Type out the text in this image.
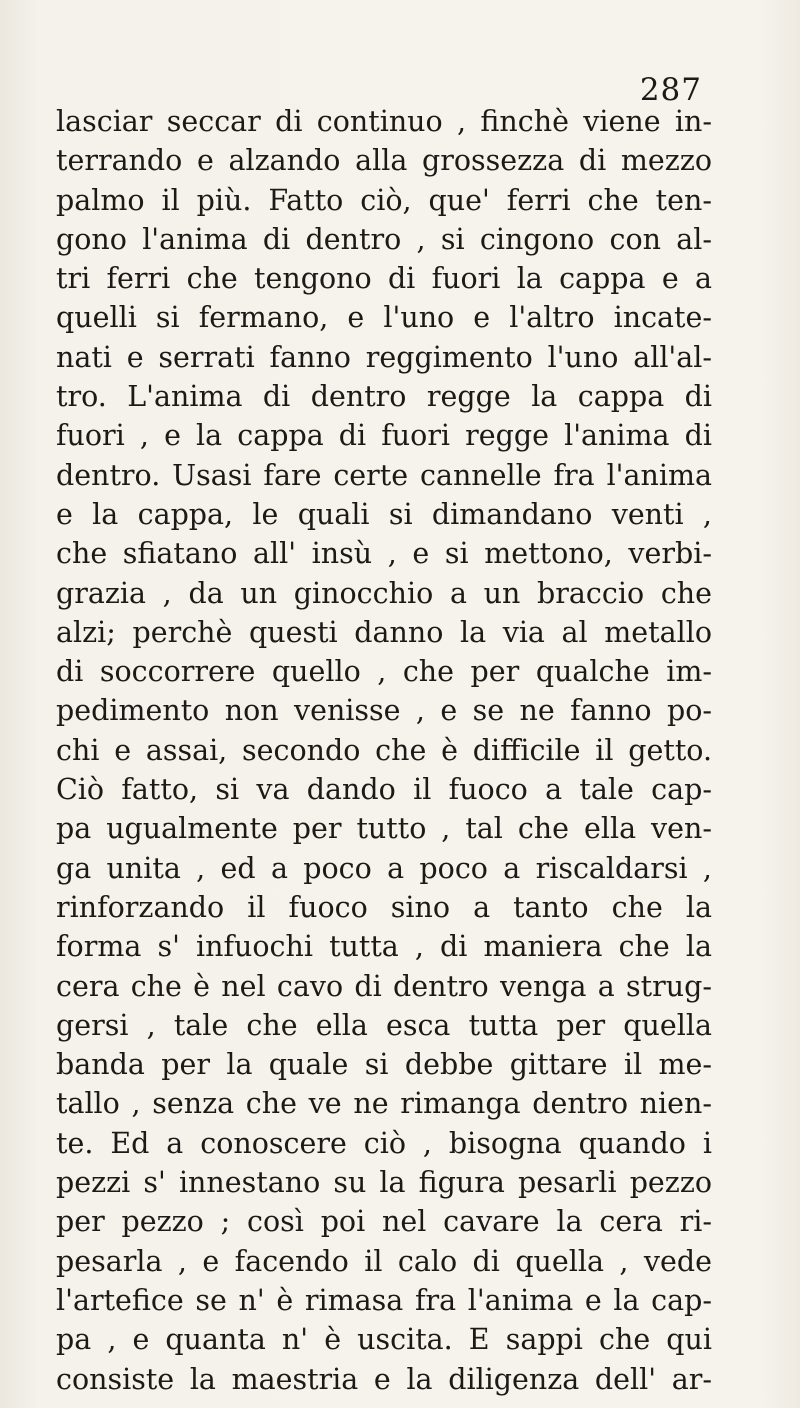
287
lasciar seccar di continuo , finchè viene in-
terrando e alzando alla grossezza di mezzo
palmo il più. Fatto ciò, que' ferri che ten-
gono l'anima di dentro , si cingono con al-
tri ferri che tengono di fuori la cappa e a
quelli si fermano, e l'uno e l'altro incate-
nati e serrati fanno reggimento l'uno all'al-
tro. L'anima di dentro regge la cappa di
fuori , e la cappa di fuori regge l'anima di
dentro. Usasi fare certe cannelle fra l'anima
e la cappa, le quali si dimandano venti ,
che sfiatano all' insù , e si mettono, verbi-
grazia , da un ginocchio a un braccio che
alzi; perchè questi danno la via al metallo
di soccorrere quello , che per qualche im-
pedimento non venisse , e se ne fanno po-
chi e assai, secondo che è difficile il getto.
Ciò fatto, si va dando il fuoco a tale cap-
pa ugualmente per tutto , tal che ella ven-
ga unita , ed a poco a poco a riscaldarsi ,
rinforzando il fuoco sino a tanto che la
forma s' infuochi tutta , di maniera che la
cera che è nel cavo di dentro venga a strug-
gersi , tale che ella esca tutta per quella
banda per la quale si debbe gittare il me-
tallo , senza che ve ne rimanga dentro nien-
te. Ed a conoscere ciò , bisogna quando i
pezzi s' innestano su la figura pesarli pezzo
per pezzo ; così poi nel cavare la cera ri-
pesarla , e facendo il calo di quella , vede
l'artefice se n' è rimasa fra l'anima e la cap-
pa , e quanta n' è uscita. E sappi che qui
consiste la maestria e la diligenza dell' ar-
